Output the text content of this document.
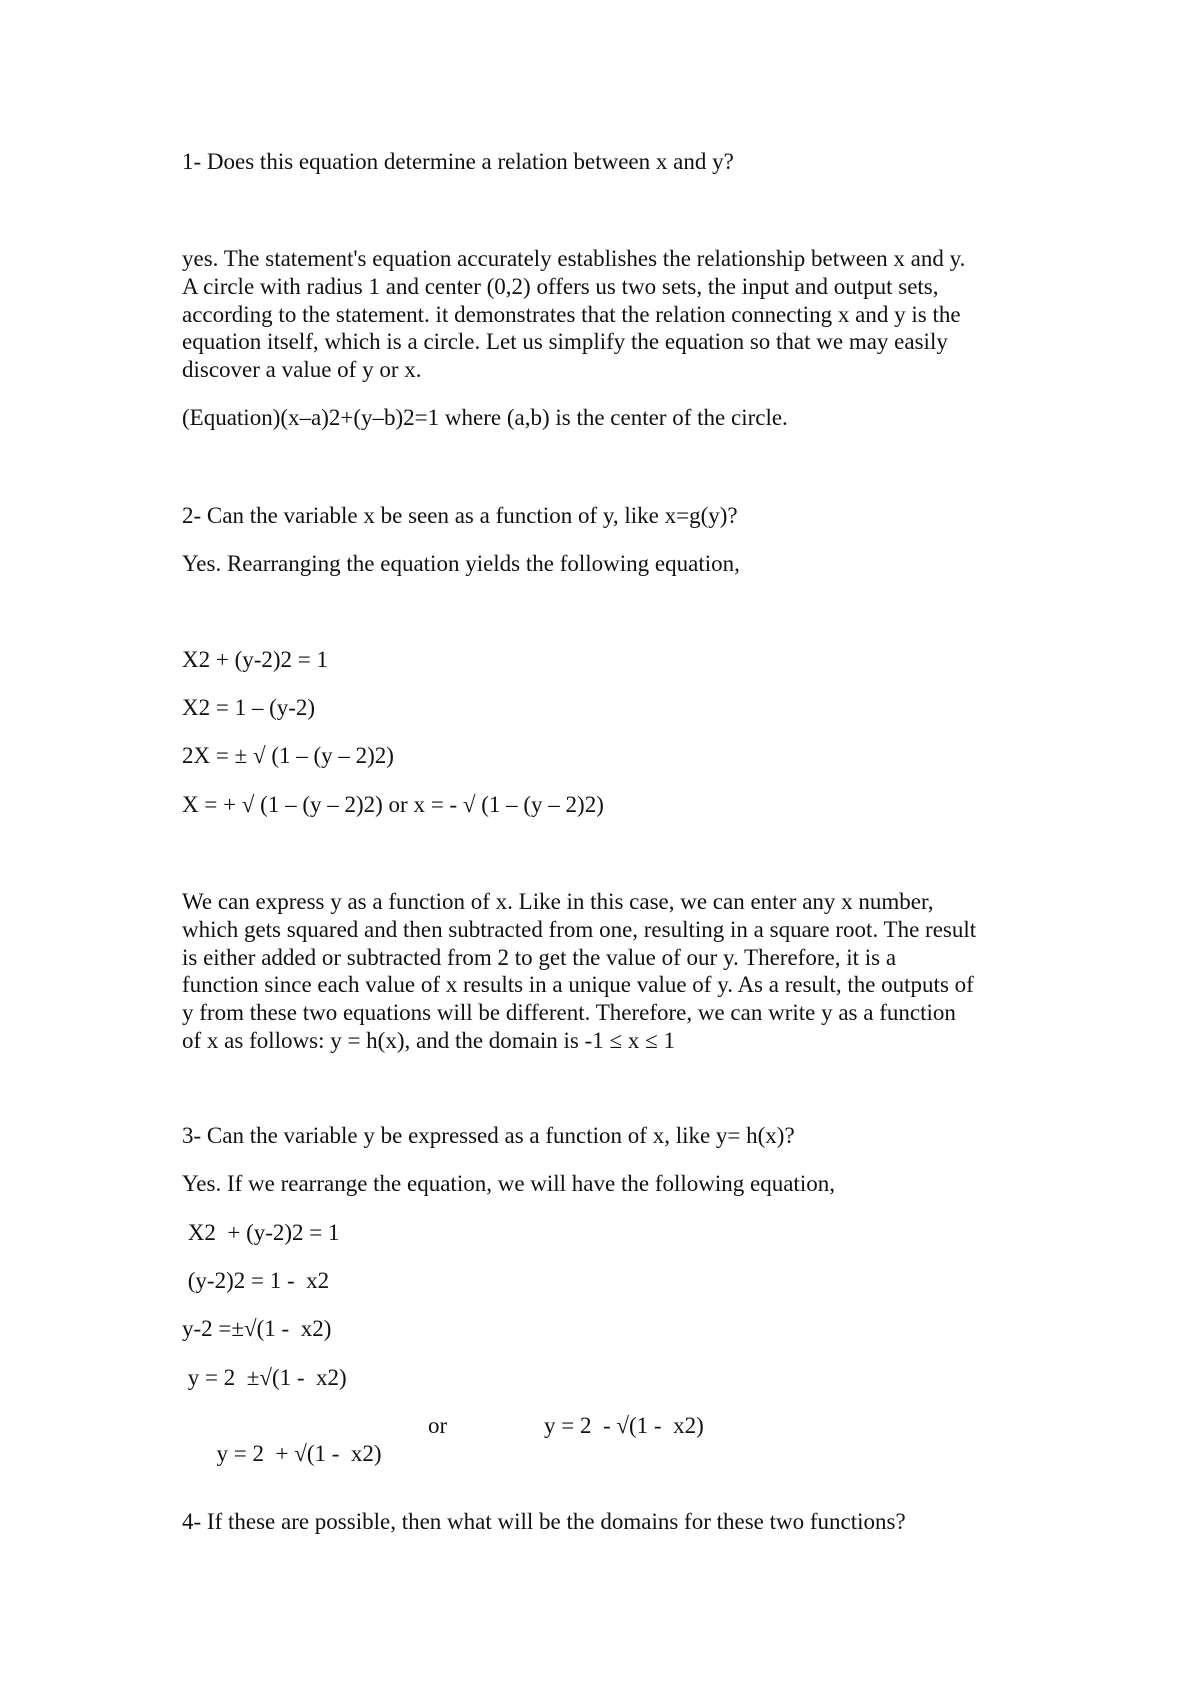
1- Does this equation determine a relation between x and y?
yes. The statement's equation accurately establishes the relationship between x and y.
A circle with radius 1 and center (0,2) offers us two sets, the input and output sets,
according to the statement. it demonstrates that the relation connecting x and y is the
equation itself, which is a circle. Let us simplify the equation so that we may easily
discover a value of y or x.
(Equation)(x–a)2+(y–b)2=1 where (a,b) is the center of the circle.
2- Can the variable x be seen as a function of y, like x=g(y)?
Yes. Rearranging the equation yields the following equation,
X2 + (y-2)2 = 1
X2 = 1 – (y-2)
2X = ± √ (1 – (y – 2)2)
X = + √ (1 – (y – 2)2) or x = - √ (1 – (y – 2)2)
We can express y as a function of x. Like in this case, we can enter any x number,
which gets squared and then subtracted from one, resulting in a square root. The result
is either added or subtracted from 2 to get the value of our y. Therefore, it is a
function since each value of x results in a unique value of y. As a result, the outputs of
y from these two equations will be different. Therefore, we can write y as a function
of x as follows: y = h(x), and the domain is -1 ≤ x ≤ 1
3- Can the variable y be expressed as a function of x, like y= h(x)?
Yes. If we rearrange the equation, we will have the following equation,
X2  + (y-2)2 = 1
(y-2)2 = 1 -  x2
y-2 =±√(1 -  x2)
y = 2  ±√(1 -  x2)

y = 2  + √(1 -  x2)

or	y = 2  - √(1 -  x2)
4- If these are possible, then what will be the domains for these two functions?
